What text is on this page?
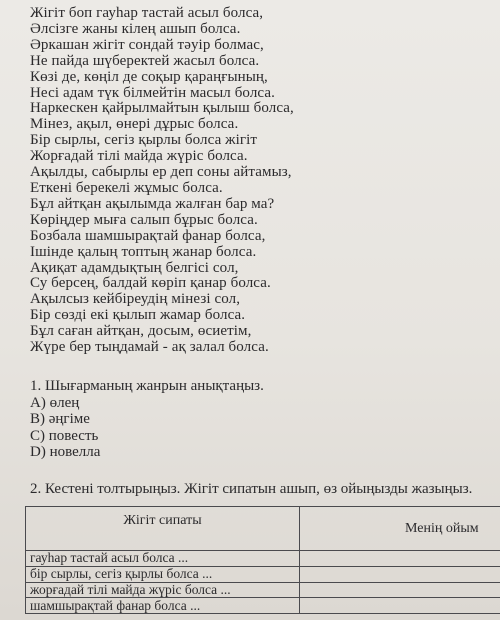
Жігіт боп гауһар тастай асыл болса,
Әлсізге жаны кілең ашып болса.
Әркашан жігіт сондай тәуір болмас,
Не пайда шүберектей жасыл болса.
Көзі де, көңіл де соқыр қараңғының,
Несі адам түк білмейтін масыл болса.
Наркескен қайрылмайтын қылыш болса,
Мінез, ақыл, өнері дұрыс болса.
Бір сырлы, сегіз қырлы болса жігіт
Жорғадай тілі майда жүріс болса.
Ақылды, сабырлы ер деп соны айтамыз,
Еткені берекелі жұмыс болса.
Бұл айтқан ақылымда жалған бар ма?
Көріңдер мыға салып бұрыс болса.
Бозбала шамшырақтай фанар болса,
Ішінде қалың топтың жанар болса.
Ақиқат адамдықтың белгісі сол,
Су берсең, балдай көріп қанар болса.
Ақылсыз кейбіреудің мінезі сол,
Бір сөзді екі қылып жамар болса.
Бұл саған айтқан, досым, өсиетім,
Жүре бер тыңдамай - ақ залал болса.
1. Шығарманың жанрын анықтаңыз.
А) өлең
В) әңгіме
С) повесть
D) новелла
2. Кестені толтырыңыз. Жігіт сипатын ашып, өз ойыңызды жазыңыз.
Жігіт сипаты	Менің ойым
гауһар тастай асыл болса ...	
бір сырлы, сегіз қырлы болса ...	
жорғадай тілі майда жүріс болса ...	
шамшырақтай фанар болса ...	
